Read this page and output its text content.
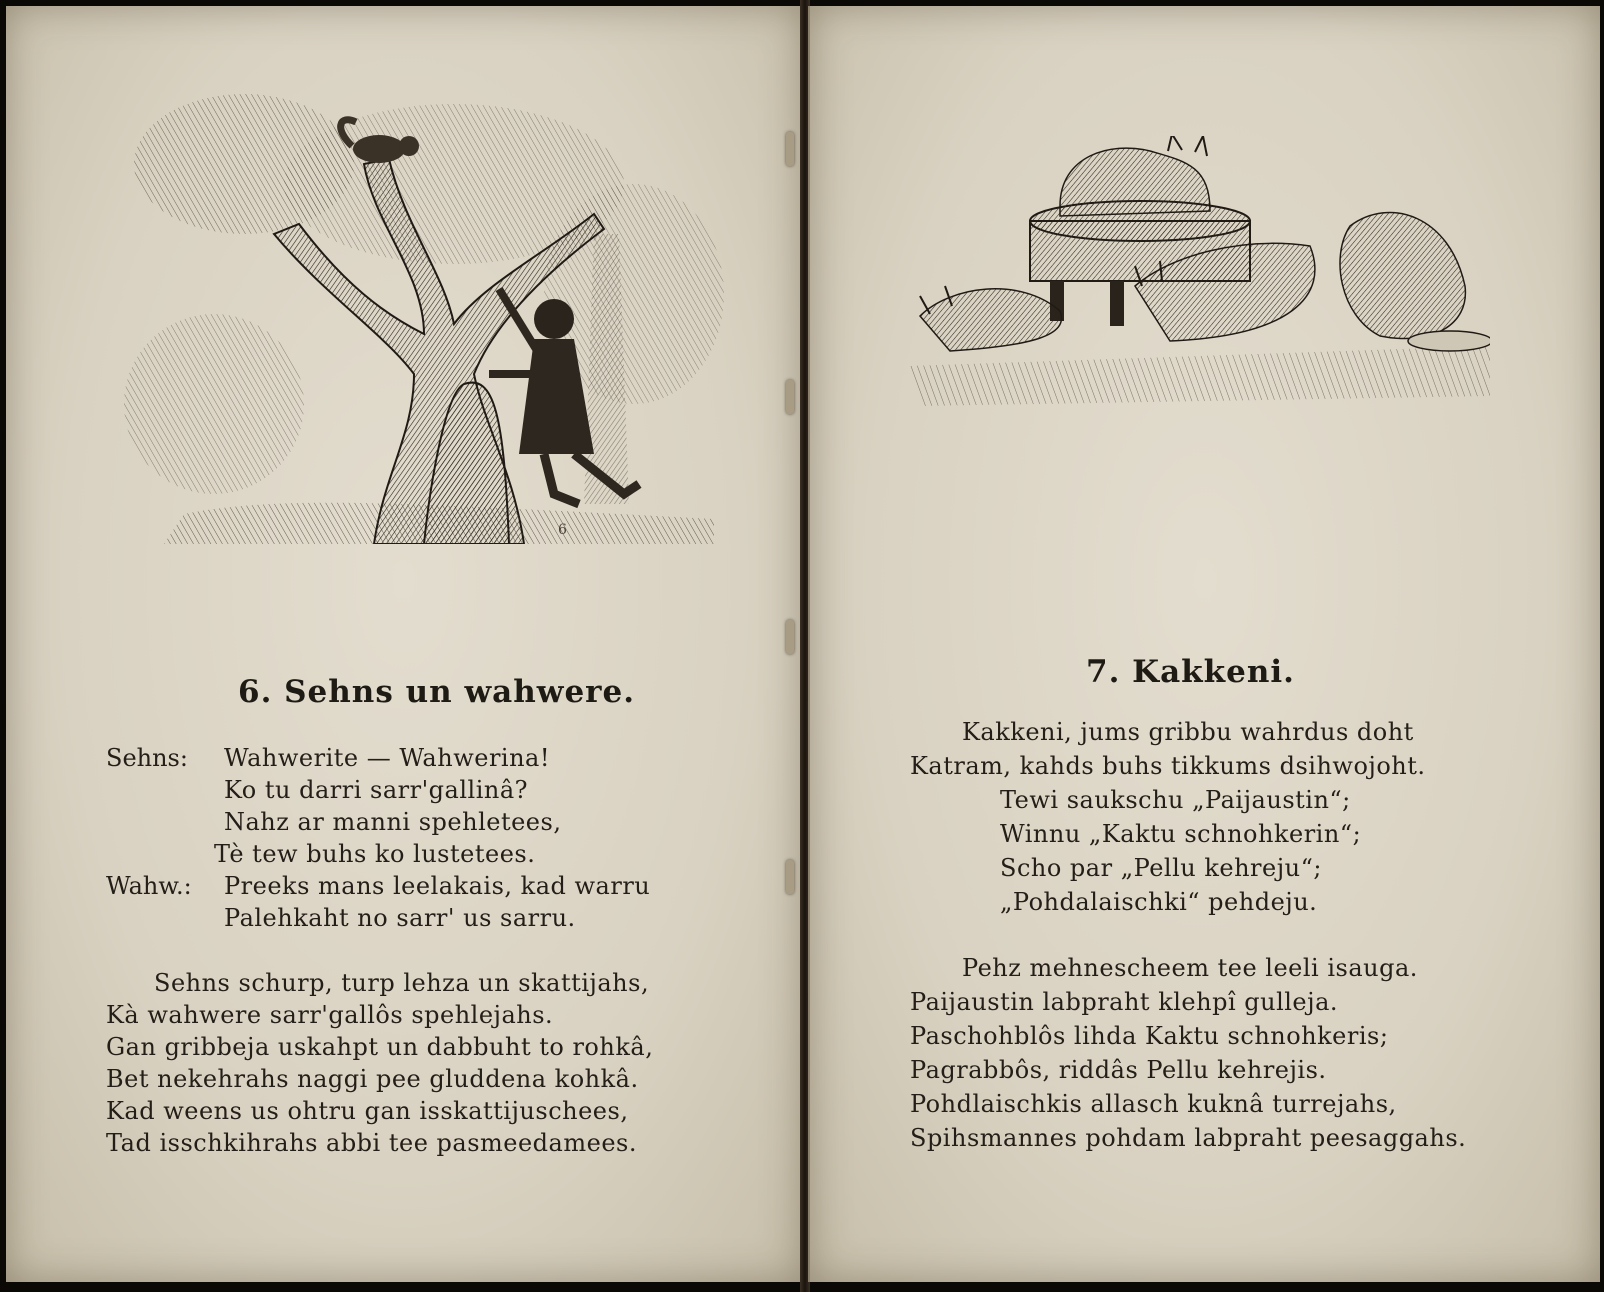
6
6. Sehns un wahwere.
Sehns: Wahwerite — Wahwerina!
Ko tu darri sarr'gallinâ?
Nahz ar manni spehletees,
Tè tew buhs ko lustetees.
Wahw.: Preeks mans leelakais, kad warru
Palehkaht no sarr' us sarru.
Sehns schurp, turp lehza un skattijahs,
Kà wahwere sarr'gallôs spehlejahs.
Gan gribbeja uskahpt un dabbuht to rohkâ,
Bet nekehrahs naggi pee gluddena kohkâ.
Kad weens us ohtru gan isskattijuschees,
Tad isschkihrahs abbi tee pasmeedamees.
7. Kakkeni.
Kakkeni, jums gribbu wahrdus doht
Katram, kahds buhs tikkums dsihwojoht.
Tewi saukschu „Paijaustin“;
Winnu „Kaktu schnohkerin“;
Scho par „Pellu kehreju“;
„Pohdalaischki“ pehdeju.
Pehz mehneschеem tee leeli isauga.
Paijaustin labpraht klehpî gulleja.
Paschohblôs lihda Kaktu schnohkeris;
Pagrabbôs, riddâs Pellu kehrejis.
Pohdlaischkis allasch kuknâ turrejahs,
Spihsmannes pohdam labpraht peesaggahs.
